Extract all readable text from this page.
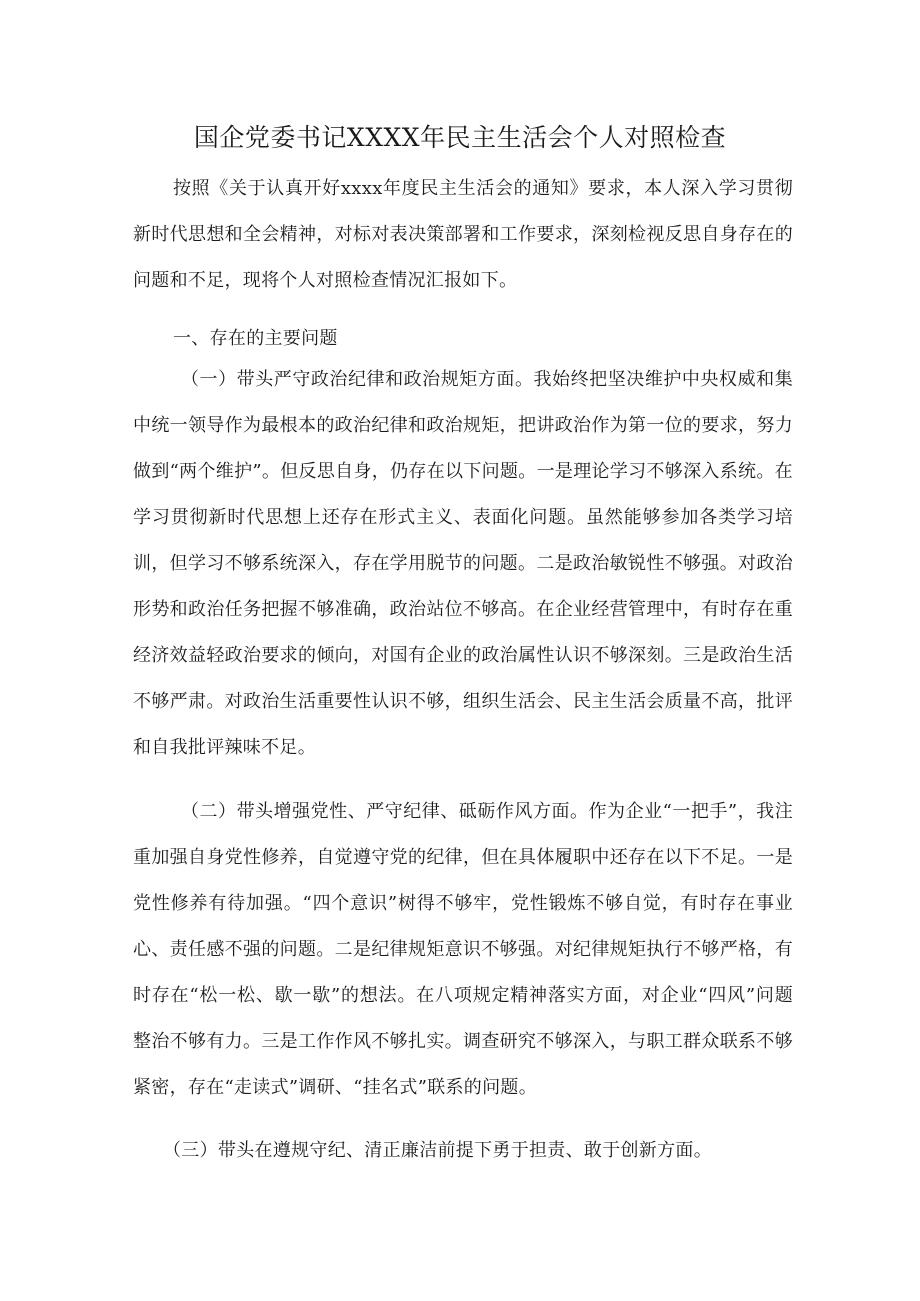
国企党委书记XXXX年民主生活会个人对照检查
按照《关于认真开好xxxx年度民主生活会的通知》要求，本人深入学习贯彻新时代思想和全会精神，对标对表决策部署和工作要求，深刻检视反思自身存在的问题和不足，现将个人对照检查情况汇报如下。
一、存在的主要问题
（一）带头严守政治纪律和政治规矩方面。我始终把坚决维护中央权威和集中统一领导作为最根本的政治纪律和政治规矩，把讲政治作为第一位的要求，努力做到“两个维护”。但反思自身，仍存在以下问题。一是理论学习不够深入系统。在学习贯彻新时代思想上还存在形式主义、表面化问题。虽然能够参加各类学习培训，但学习不够系统深入，存在学用脱节的问题。二是政治敏锐性不够强。对政治形势和政治任务把握不够准确，政治站位不够高。在企业经营管理中，有时存在重经济效益轻政治要求的倾向，对国有企业的政治属性认识不够深刻。三是政治生活不够严肃。对政治生活重要性认识不够，组织生活会、民主生活会质量不高，批评和自我批评辣味不足。
（二）带头增强党性、严守纪律、砥砺作风方面。作为企业“一把手”，我注重加强自身党性修养，自觉遵守党的纪律，但在具体履职中还存在以下不足。一是党性修养有待加强。“四个意识”树得不够牢，党性锻炼不够自觉，有时存在事业心、责任感不强的问题。二是纪律规矩意识不够强。对纪律规矩执行不够严格，有时存在“松一松、歇一歇”的想法。在八项规定精神落实方面，对企业“四风”问题整治不够有力。三是工作作风不够扎实。调查研究不够深入，与职工群众联系不够紧密，存在“走读式”调研、“挂名式”联系的问题。
（三）带头在遵规守纪、清正廉洁前提下勇于担责、敢于创新方面。
